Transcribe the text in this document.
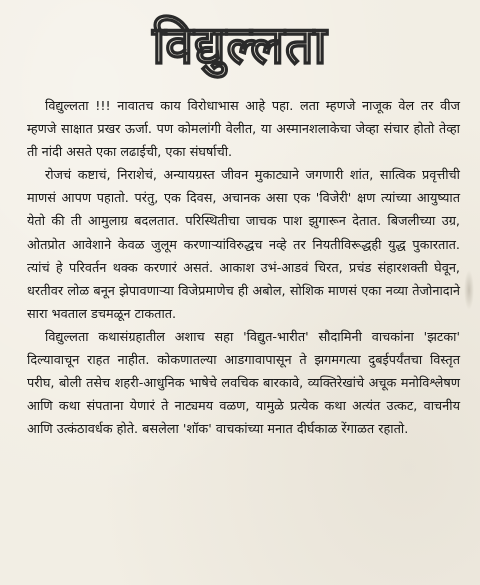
विद्युल्लता

विद्युल्लता !!! नावातच काय विरोधाभास आहे पहा. लता म्हणजे नाजूक वेल तर वीज म्हणजे साक्षात प्रखर ऊर्जा. पण कोमलांगी वेलीत, या अस्मानशलाकेचा जेव्हा संचार होतो तेव्हा ती नांदी असते एका लढाईची, एका संघर्षाची.

रोजचं कष्टाचं, निराशेचं, अन्यायग्रस्त जीवन मुकाट्याने जगणारी शांत, सात्विक प्रवृत्तीची माणसं आपण पहातो. परंतु, एक दिवस, अचानक असा एक 'विजेरी' क्षण त्यांच्या आयुष्यात येतो की ती आमुलाग्र बदलतात. परिस्थितीचा जाचक पाश झुगारून देतात. बिजलीच्या उग्र, ओतप्रोत आवेशाने केवळ जुलूम करणाऱ्यांविरुद्धच नव्हे तर नियतीविरूद्धही युद्ध पुकारतात. त्यांचं हे परिवर्तन थक्क करणारं असतं. आकाश उभं-आडवं चिरत, प्रचंड संहारशक्ती घेवून, धरतीवर लोळ बनून झेपावणाऱ्या विजेप्रमाणेच ही अबोल, सोशिक माणसं एका नव्या तेजोनादाने सारा भवताल डचमळून टाकतात.

विद्युल्लता कथासंग्रहातील अशाच सहा 'विद्युत-भारीत' सौदामिनी वाचकांना 'झटका' दिल्यावाचून राहत नाहीत. कोकणातल्या आडगावापासून ते झगमगत्या दुबईपर्यंतचा विस्तृत परीघ, बोली तसेच शहरी-आधुनिक भाषेचे लवचिक बारकावे, व्यक्तिरेखांचे अचूक मनोविश्लेषण आणि कथा संपताना येणारं ते नाट्यमय वळण, यामुळे प्रत्येक कथा अत्यंत उत्कट, वाचनीय आणि उत्कंठावर्धक होते. बसलेला 'शॉक' वाचकांच्या मनात दीर्घकाळ रेंगाळत रहातो.
